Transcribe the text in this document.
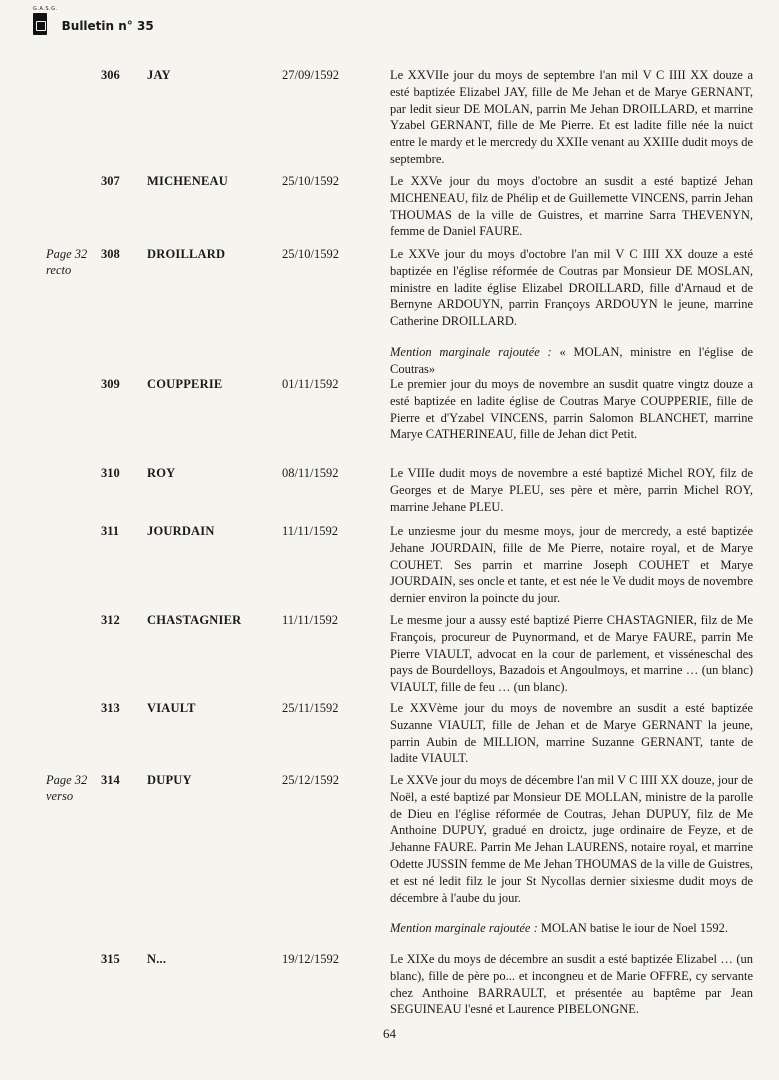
G.A.S.G.
Bulletin n° 35
306 JAY	27/09/1592	Le XXVIIe jour du moys de septembre l'an mil V C IIII XX douze a esté baptizée Elizabel JAY, fille de Me Jehan et de Marye GERNANT, par ledit sieur DE MOLAN, parrin Me Jehan DROILLARD, et marrine Yzabel GERNANT, fille de Me Pierre. Et est ladite fille née la nuict entre le mardy et le mercredy du XXIIe venant au XXIIIe dudit moys de septembre.

307 MICHENEAU	25/10/1592	Le XXVe jour du moys d'octobre an susdit a esté baptizé Jehan MICHENEAU, filz de Phélip et de Guillemette VINCENS, parrin Jehan THOUMAS de la ville de Guistres, et marrine Sarra THEVENYN, femme de Daniel FAURE.

Page 32 recto
308 DROILLARD	25/10/1592	Le XXVe jour du moys d'octobre l'an mil V C IIII XX douze a esté baptizée en l'église réformée de Coutras par Monsieur DE MOSLAN, ministre en ladite église Elizabel DROILLARD, fille d'Arnaud et de Bernyne ARDOUYN, parrin Françoys ARDOUYN le jeune, marrine Catherine DROILLARD.

Mention marginale rajoutée : « MOLAN, ministre en l'église de Coutras»

309 COUPPERIE	01/11/1592	Le premier jour du moys de novembre an susdit quatre vingtz douze a esté baptizée en ladite église de Coutras Marye COUPPERIE, fille de Pierre et d'Yzabel VINCENS, parrin Salomon BLANCHET, marrine Marye CATHERINEAU, fille de Jehan dict Petit.

310 ROY	08/11/1592	Le VIIIe dudit moys de novembre a esté baptizé Michel ROY, filz de Georges et de Marye PLEU, ses père et mère, parrin Michel ROY, marrine Jehane PLEU.

311	JOURDAIN	11/11/1592	Le unziesme jour du mesme moys, jour de mercredy, a esté baptizée Jehane JOURDAIN, fille de Me Pierre, notaire royal, et de Marye COUHET. Ses parrin et marrine Joseph COUHET et Marye JOURDAIN, ses oncle et tante, et est née le Ve dudit moys de novembre dernier environ la poincte du jour.

312 CHASTAGNIER	11/11/1592	Le mesme jour a aussy esté baptizé Pierre CHASTAGNIER, filz de Me François, procureur de Puynormand, et de Marye FAURE, parrin Me Pierre VIAULT, advocat en la cour de parlement, et visséneschal des pays de Bourdelloys, Bazadois et Angoulmoys, et marrine … (un blanc) VIAULT, fille de feu … (un blanc).

313 VIAULT	25/11/1592	Le XXVème jour du moys de novembre an susdit a esté baptizée Suzanne VIAULT, fille de Jehan et de Marye GERNANT la jeune, parrin Aubin de MILLION, marrine Suzanne GERNANT, tante de ladite VIAULT.

Page 32 verso
314 DUPUY	25/12/1592	Le XXVe jour du moys de décembre l'an mil V C IIII XX douze, jour de Noël, a esté baptizé par Monsieur DE MOLLAN, ministre de la parolle de Dieu en l'église réformée de Coutras, Jehan DUPUY, filz de Me Anthoine DUPUY, gradué en droictz, juge ordinaire de Feyze, et de Jehanne FAURE. Parrin Me Jehan LAURENS, notaire royal, et marrine Odette JUSSIN femme de Me Jehan THOUMAS de la ville de Guistres, et est né ledit filz le jour St Nycollas dernier sixiesme dudit moys de décembre à l'aube du jour.

Mention marginale rajoutée : MOLAN batise le iour de Noel 1592.

315 N...	19/12/1592	Le XIXe du moys de décembre an susdit a esté baptizée Elizabel … (un blanc), fille de père po... et incongneu et de Marie OFFRE, cy servante chez Anthoine BARRAULT, et présentée au baptême par Jean SEGUINEAU l'esné et Laurence PIBELONGNE.

64
